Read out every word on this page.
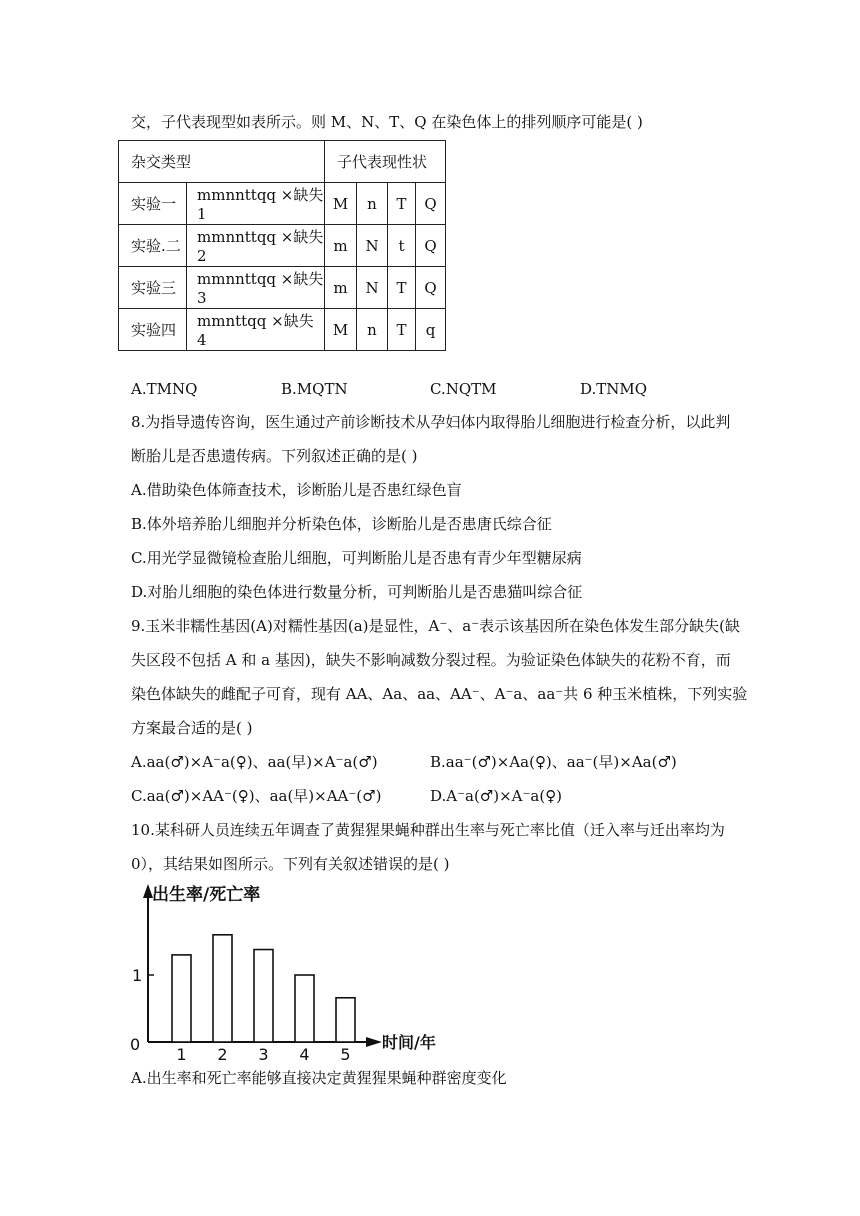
交，子代表现型如表所示。则 M、N、T、Q 在染色体上的排列顺序可能是( )
杂交类型		子代表现性状			
实验一	mmnnttqq ×缺失 1	M	n	T	Q
实验.二	mmnnttqq ×缺失 2	m	N	t	Q
实验三	mmnnttqq ×缺失 3	m	N	T	Q
实验四	mmnttqq ×缺失 4	M	n	T	q
A.TMNQ	B.MQTN	C.NQTM	D.TNMQ
8.为指导遗传咨询，医生通过产前诊断技术从孕妇体内取得胎儿细胞进行检查分析，以此判
断胎儿是否患遗传病。下列叙述正确的是( )
A.借助染色体筛查技术，诊断胎儿是否患红绿色盲
B.体外培养胎儿细胞并分析染色体，诊断胎儿是否患唐氏综合征
C.用光学显微镜检查胎儿细胞，可判断胎儿是否患有青少年型糖尿病
D.对胎儿细胞的染色体进行数量分析，可判断胎儿是否患猫叫综合征
9.玉米非糯性基因(A)对糯性基因(a)是显性，A⁻、a⁻表示该基因所在染色体发生部分缺失(缺
失区段不包括 A 和 a 基因)，缺失不影响减数分裂过程。为验证染色体缺失的花粉不育，而
染色体缺失的雌配子可育，现有 AA、Aa、aa、AA⁻、A⁻a、aa⁻共 6 种玉米植株，下列实验
方案最合适的是( )
A.aa(♂)×A⁻a(♀)、aa(早)×A⁻a(♂)	B.aa⁻(♂)×Aa(♀)、aa⁻(早)×Aa(♂)
C.aa(♂)×AA⁻(♀)、aa(早)×AA⁻(♂)	D.A⁻a(♂)×A⁻a(♀)
10.某科研人员连续五年调查了黄猩猩果蝇种群出生率与死亡率比值（迁入率与迁出率均为
0），其结果如图所示。下列有关叙述错误的是( )
出生率/死亡率
时间/年
0
1
1 2 3 4 5
A.出生率和死亡率能够直接决定黄猩猩果蝇种群密度变化
